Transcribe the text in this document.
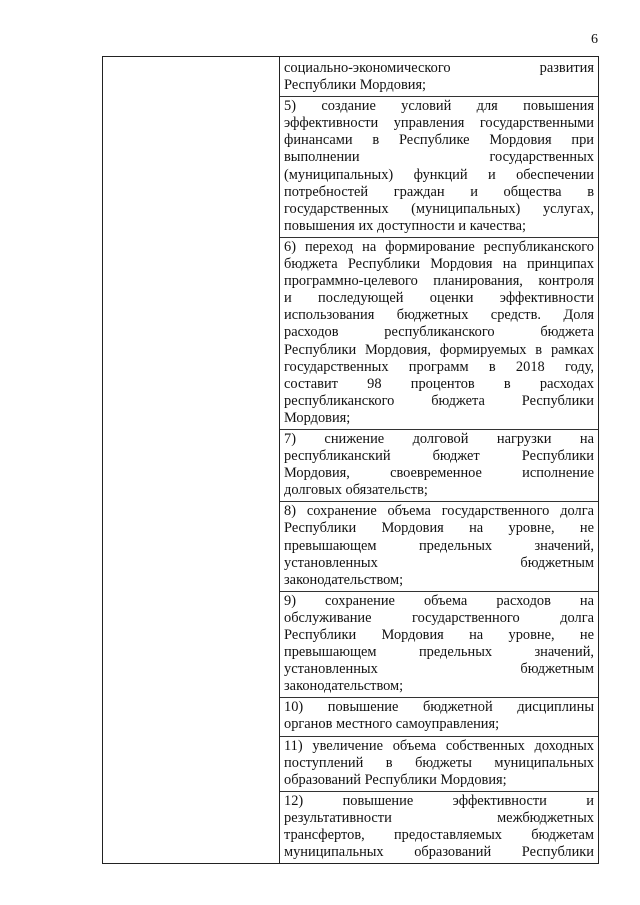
6
социально-экономического развития
Республики Мордовия;
5) создание условий для повышения
эффективности управления государственными
финансами в Республике Мордовия при
выполнении государственных
(муниципальных) функций и обеспечении
потребностей граждан и общества в
государственных (муниципальных) услугах,
повышения их доступности и качества;
6) переход на формирование республиканского
бюджета Республики Мордовия на принципах
программно-целевого планирования, контроля
и последующей оценки эффективности
использования бюджетных средств. Доля
расходов республиканского бюджета
Республики Мордовия, формируемых в рамках
государственных программ в 2018 году,
составит 98 процентов в расходах
республиканского бюджета Республики
Мордовия;
7) снижение долговой нагрузки на
республиканский бюджет Республики
Мордовия, своевременное исполнение
долговых обязательств;
8) сохранение объема государственного долга
Республики Мордовия на уровне, не
превышающем предельных значений,
установленных бюджетным
законодательством;
9) сохранение объема расходов на
обслуживание государственного долга
Республики Мордовия на уровне, не
превышающем предельных значений,
установленных бюджетным
законодательством;
10) повышение бюджетной дисциплины
органов местного самоуправления;
11) увеличение объема собственных доходных
поступлений в бюджеты муниципальных
образований Республики Мордовия;
12) повышение эффективности и
результативности межбюджетных
трансфертов, предоставляемых бюджетам
муниципальных образований Республики
